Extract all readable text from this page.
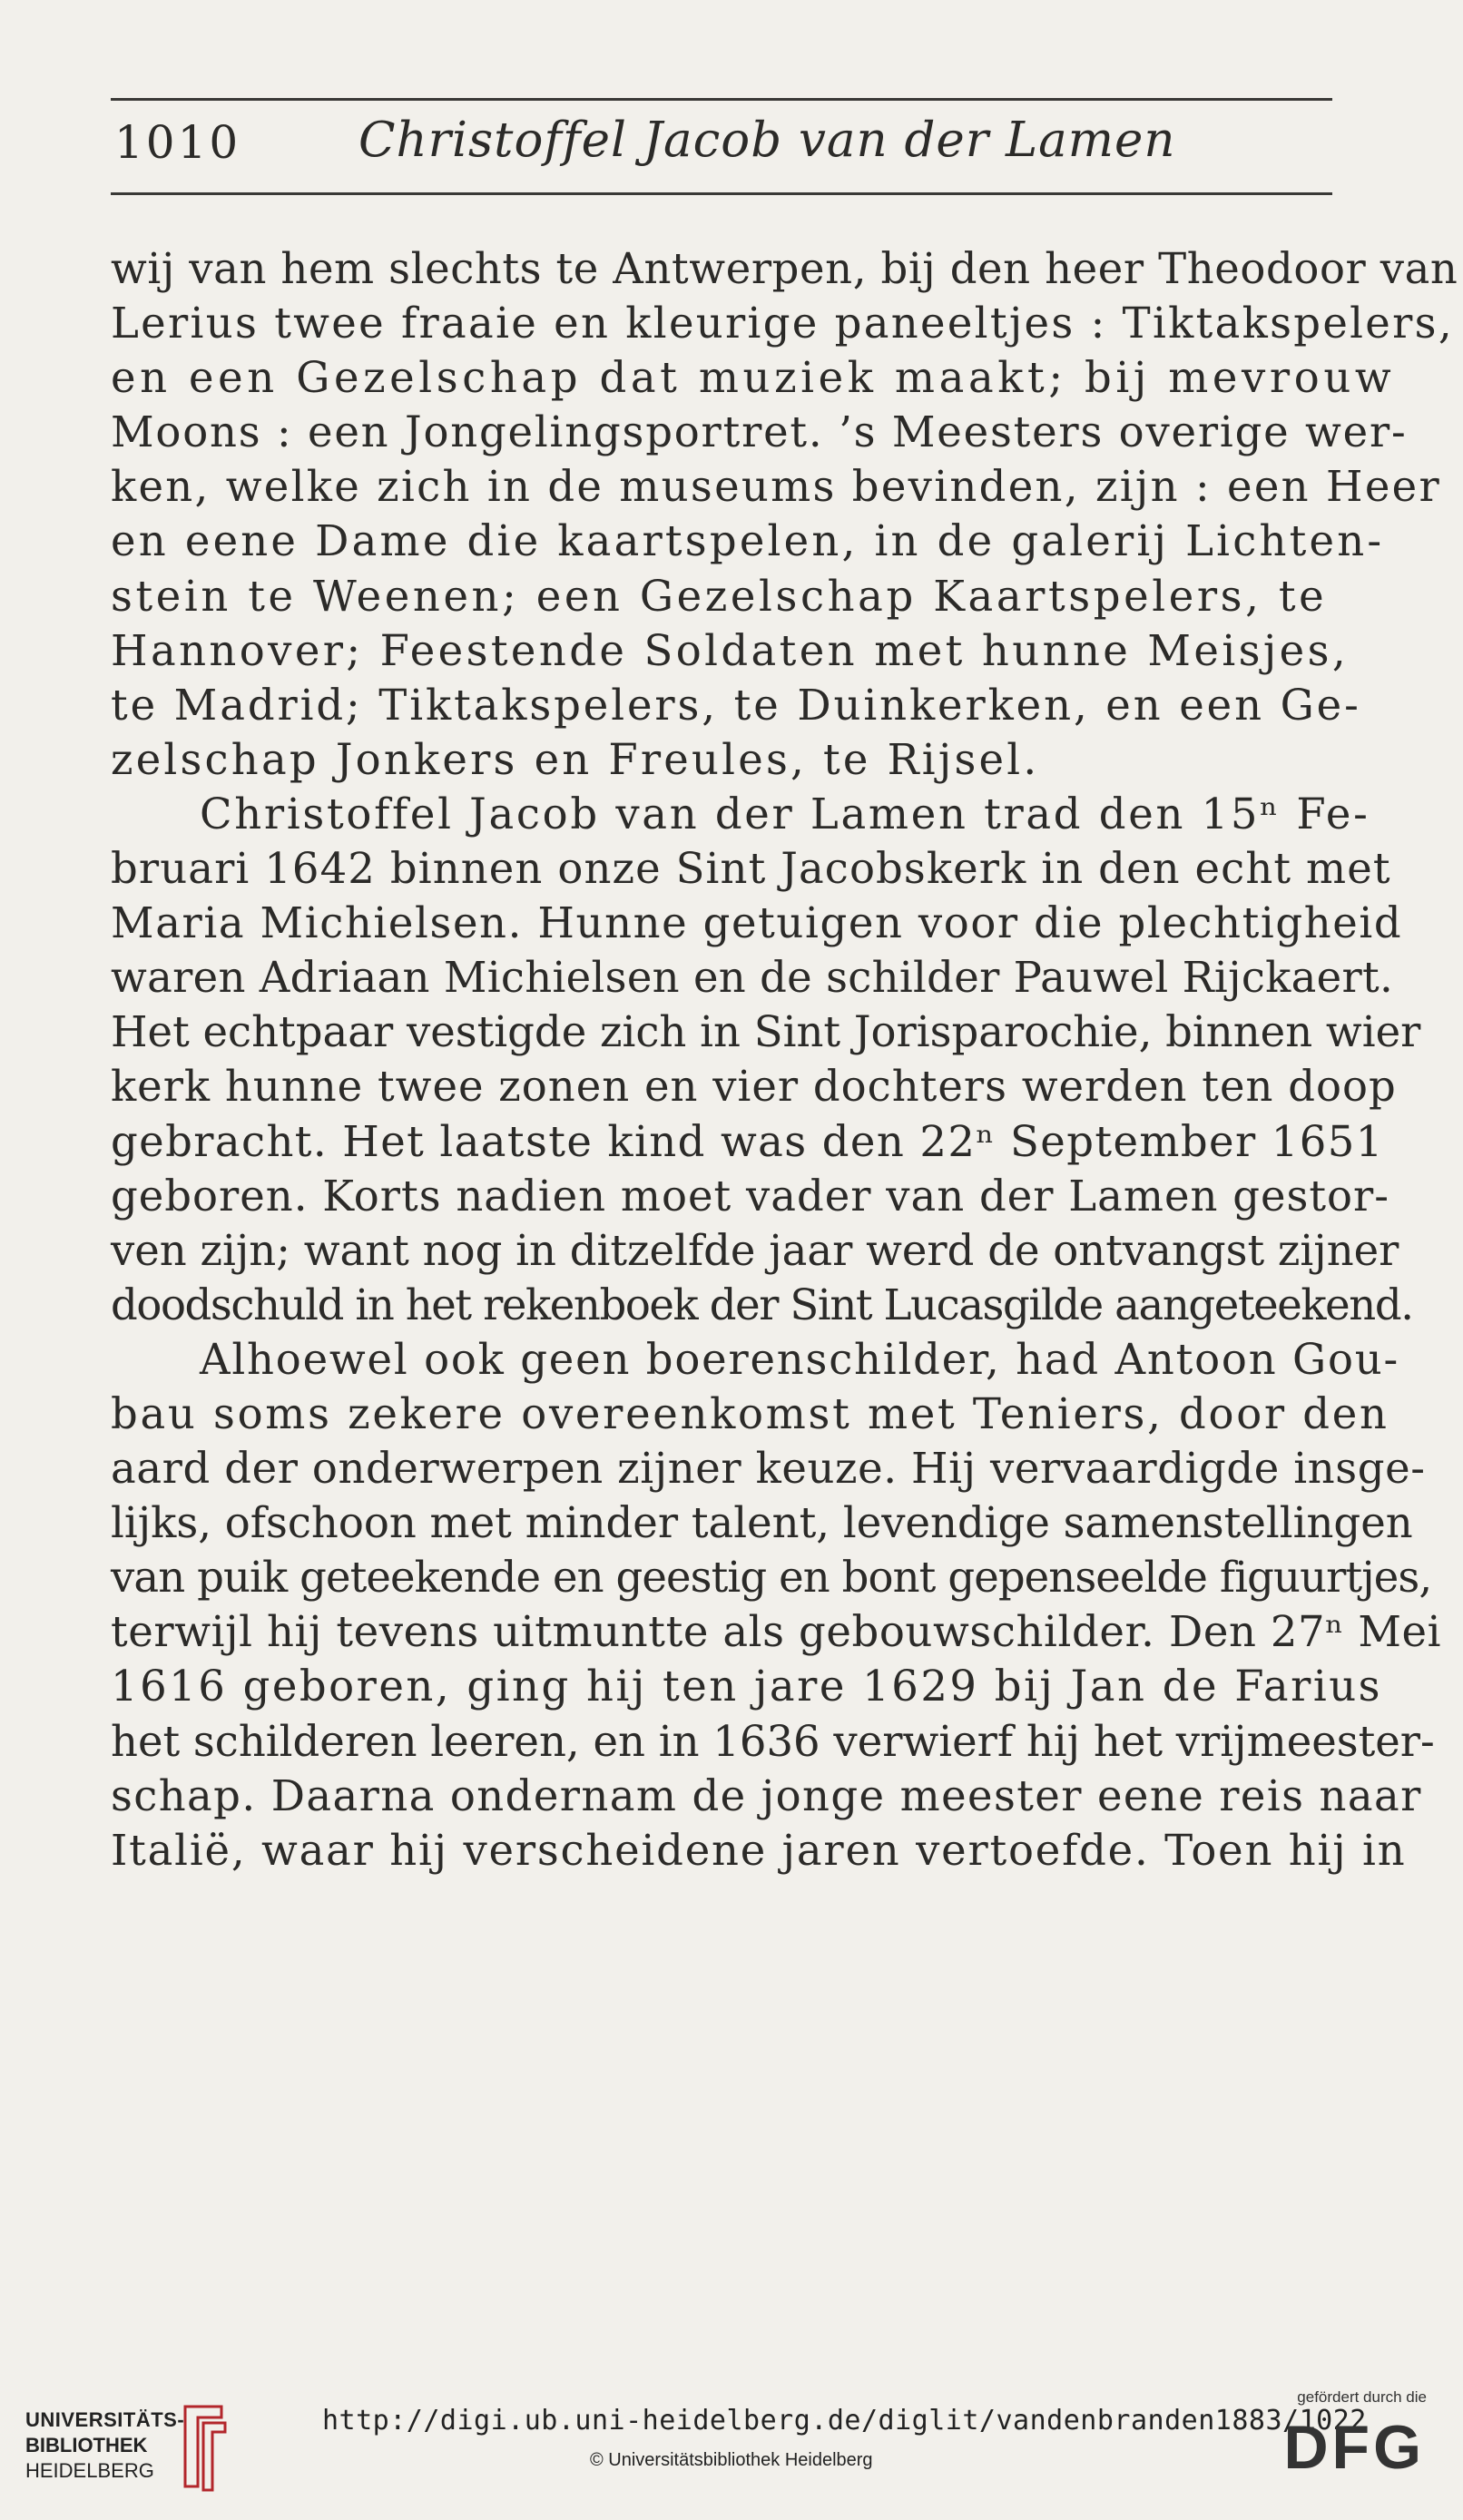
1010 Christoffel Jacob van der Lamen
wij van hem slechts te Antwerpen, bij den heer Theodoor van
Lerius twee fraaie en kleurige paneeltjes : Tiktakspelers,
en een Gezelschap dat muziek maakt; bij mevrouw
Moons : een Jongelingsportret. ’s Meesters overige wer-
ken, welke zich in de museums bevinden, zijn : een Heer
en eene Dame die kaartspelen, in de galerij Lichten-
stein te Weenen; een Gezelschap Kaartspelers, te
Hannover; Feestende Soldaten met hunne Meisjes,
te Madrid; Tiktakspelers, te Duinkerken, en een Ge-
zelschap Jonkers en Freules, te Rijsel.
Christoffel Jacob van der Lamen trad den 15ⁿ Fe-
bruari 1642 binnen onze Sint Jacobskerk in den echt met
Maria Michielsen. Hunne getuigen voor die plechtigheid
waren Adriaan Michielsen en de schilder Pauwel Rijckaert.
Het echtpaar vestigde zich in Sint Jorisparochie, binnen wier
kerk hunne twee zonen en vier dochters werden ten doop
gebracht. Het laatste kind was den 22ⁿ September 1651
geboren. Korts nadien moet vader van der Lamen gestor-
ven zijn; want nog in ditzelfde jaar werd de ontvangst zijner
doodschuld in het rekenboek der Sint Lucasgilde aangeteekend.
Alhoewel ook geen boerenschilder, had Antoon Gou-
bau soms zekere overeenkomst met Teniers, door den
aard der onderwerpen zijner keuze. Hij vervaardigde insge-
lijks, ofschoon met minder talent, levendige samenstellingen
van puik geteekende en geestig en bont gepenseelde figuurtjes,
terwijl hij tevens uitmuntte als gebouwschilder. Den 27ⁿ Mei
1616 geboren, ging hij ten jare 1629 bij Jan de Farius
het schilderen leeren, en in 1636 verwierf hij het vrijmeester-
schap. Daarna ondernam de jonge meester eene reis naar
Italië, waar hij verscheidene jaren vertoefde. Toen hij in
UNIVERSITÄTS-
BIBLIOTHEK
HEIDELBERG
http://digi.ub.uni-heidelberg.de/diglit/vandenbranden1883/1022
© Universitätsbibliothek Heidelberg
gefördert durch die
DFG
